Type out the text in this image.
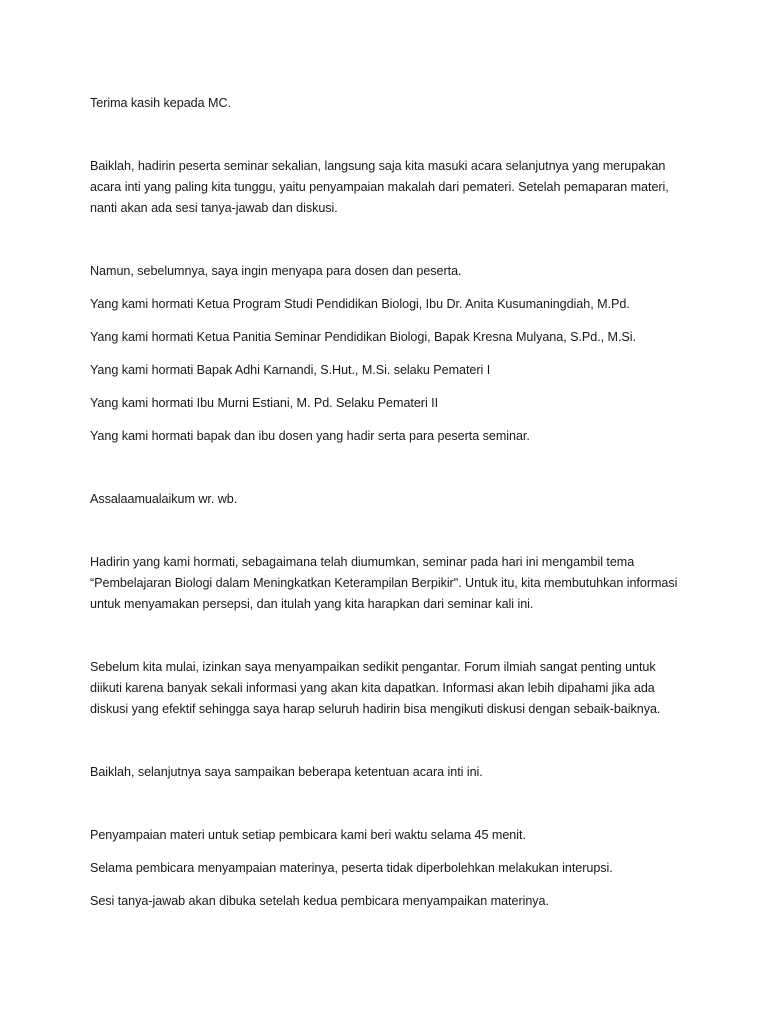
Terima kasih kepada MC.
Baiklah, hadirin peserta seminar sekalian, langsung saja kita masuki acara selanjutnya yang merupakan acara inti yang paling kita tunggu, yaitu penyampaian makalah dari pemateri. Setelah pemaparan materi, nanti akan ada sesi tanya-jawab dan diskusi.
Namun, sebelumnya, saya ingin menyapa para dosen dan peserta.
Yang kami hormati Ketua Program Studi Pendidikan Biologi, Ibu Dr. Anita Kusumaningdiah, M.Pd.
Yang kami hormati Ketua Panitia Seminar Pendidikan Biologi, Bapak Kresna Mulyana, S.Pd., M.Si.
Yang kami hormati Bapak Adhi Karnandi, S.Hut., M.Si. selaku Pemateri I
Yang kami hormati Ibu Murni Estiani, M. Pd. Selaku Pemateri II
Yang kami hormati bapak dan ibu dosen yang hadir serta para peserta seminar.
Assalaamualaikum wr. wb.
Hadirin yang kami hormati, sebagaimana telah diumumkan, seminar pada hari ini mengambil tema “Pembelajaran Biologi dalam Meningkatkan Keterampilan Berpikir". Untuk itu, kita membutuhkan informasi untuk menyamakan persepsi, dan itulah yang kita harapkan dari seminar kali ini.
Sebelum kita mulai, izinkan saya menyampaikan sedikit pengantar. Forum ilmiah sangat penting untuk diikuti karena banyak sekali informasi yang akan kita dapatkan. Informasi akan lebih dipahami jika ada diskusi yang efektif sehingga saya harap seluruh hadirin bisa mengikuti diskusi dengan sebaik-baiknya.
Baiklah, selanjutnya saya sampaikan beberapa ketentuan acara inti ini.
Penyampaian materi untuk setiap pembicara kami beri waktu selama 45 menit.
Selama pembicara menyampaian materinya, peserta tidak diperbolehkan melakukan interupsi.
Sesi tanya-jawab akan dibuka setelah kedua pembicara menyampaikan materinya.
